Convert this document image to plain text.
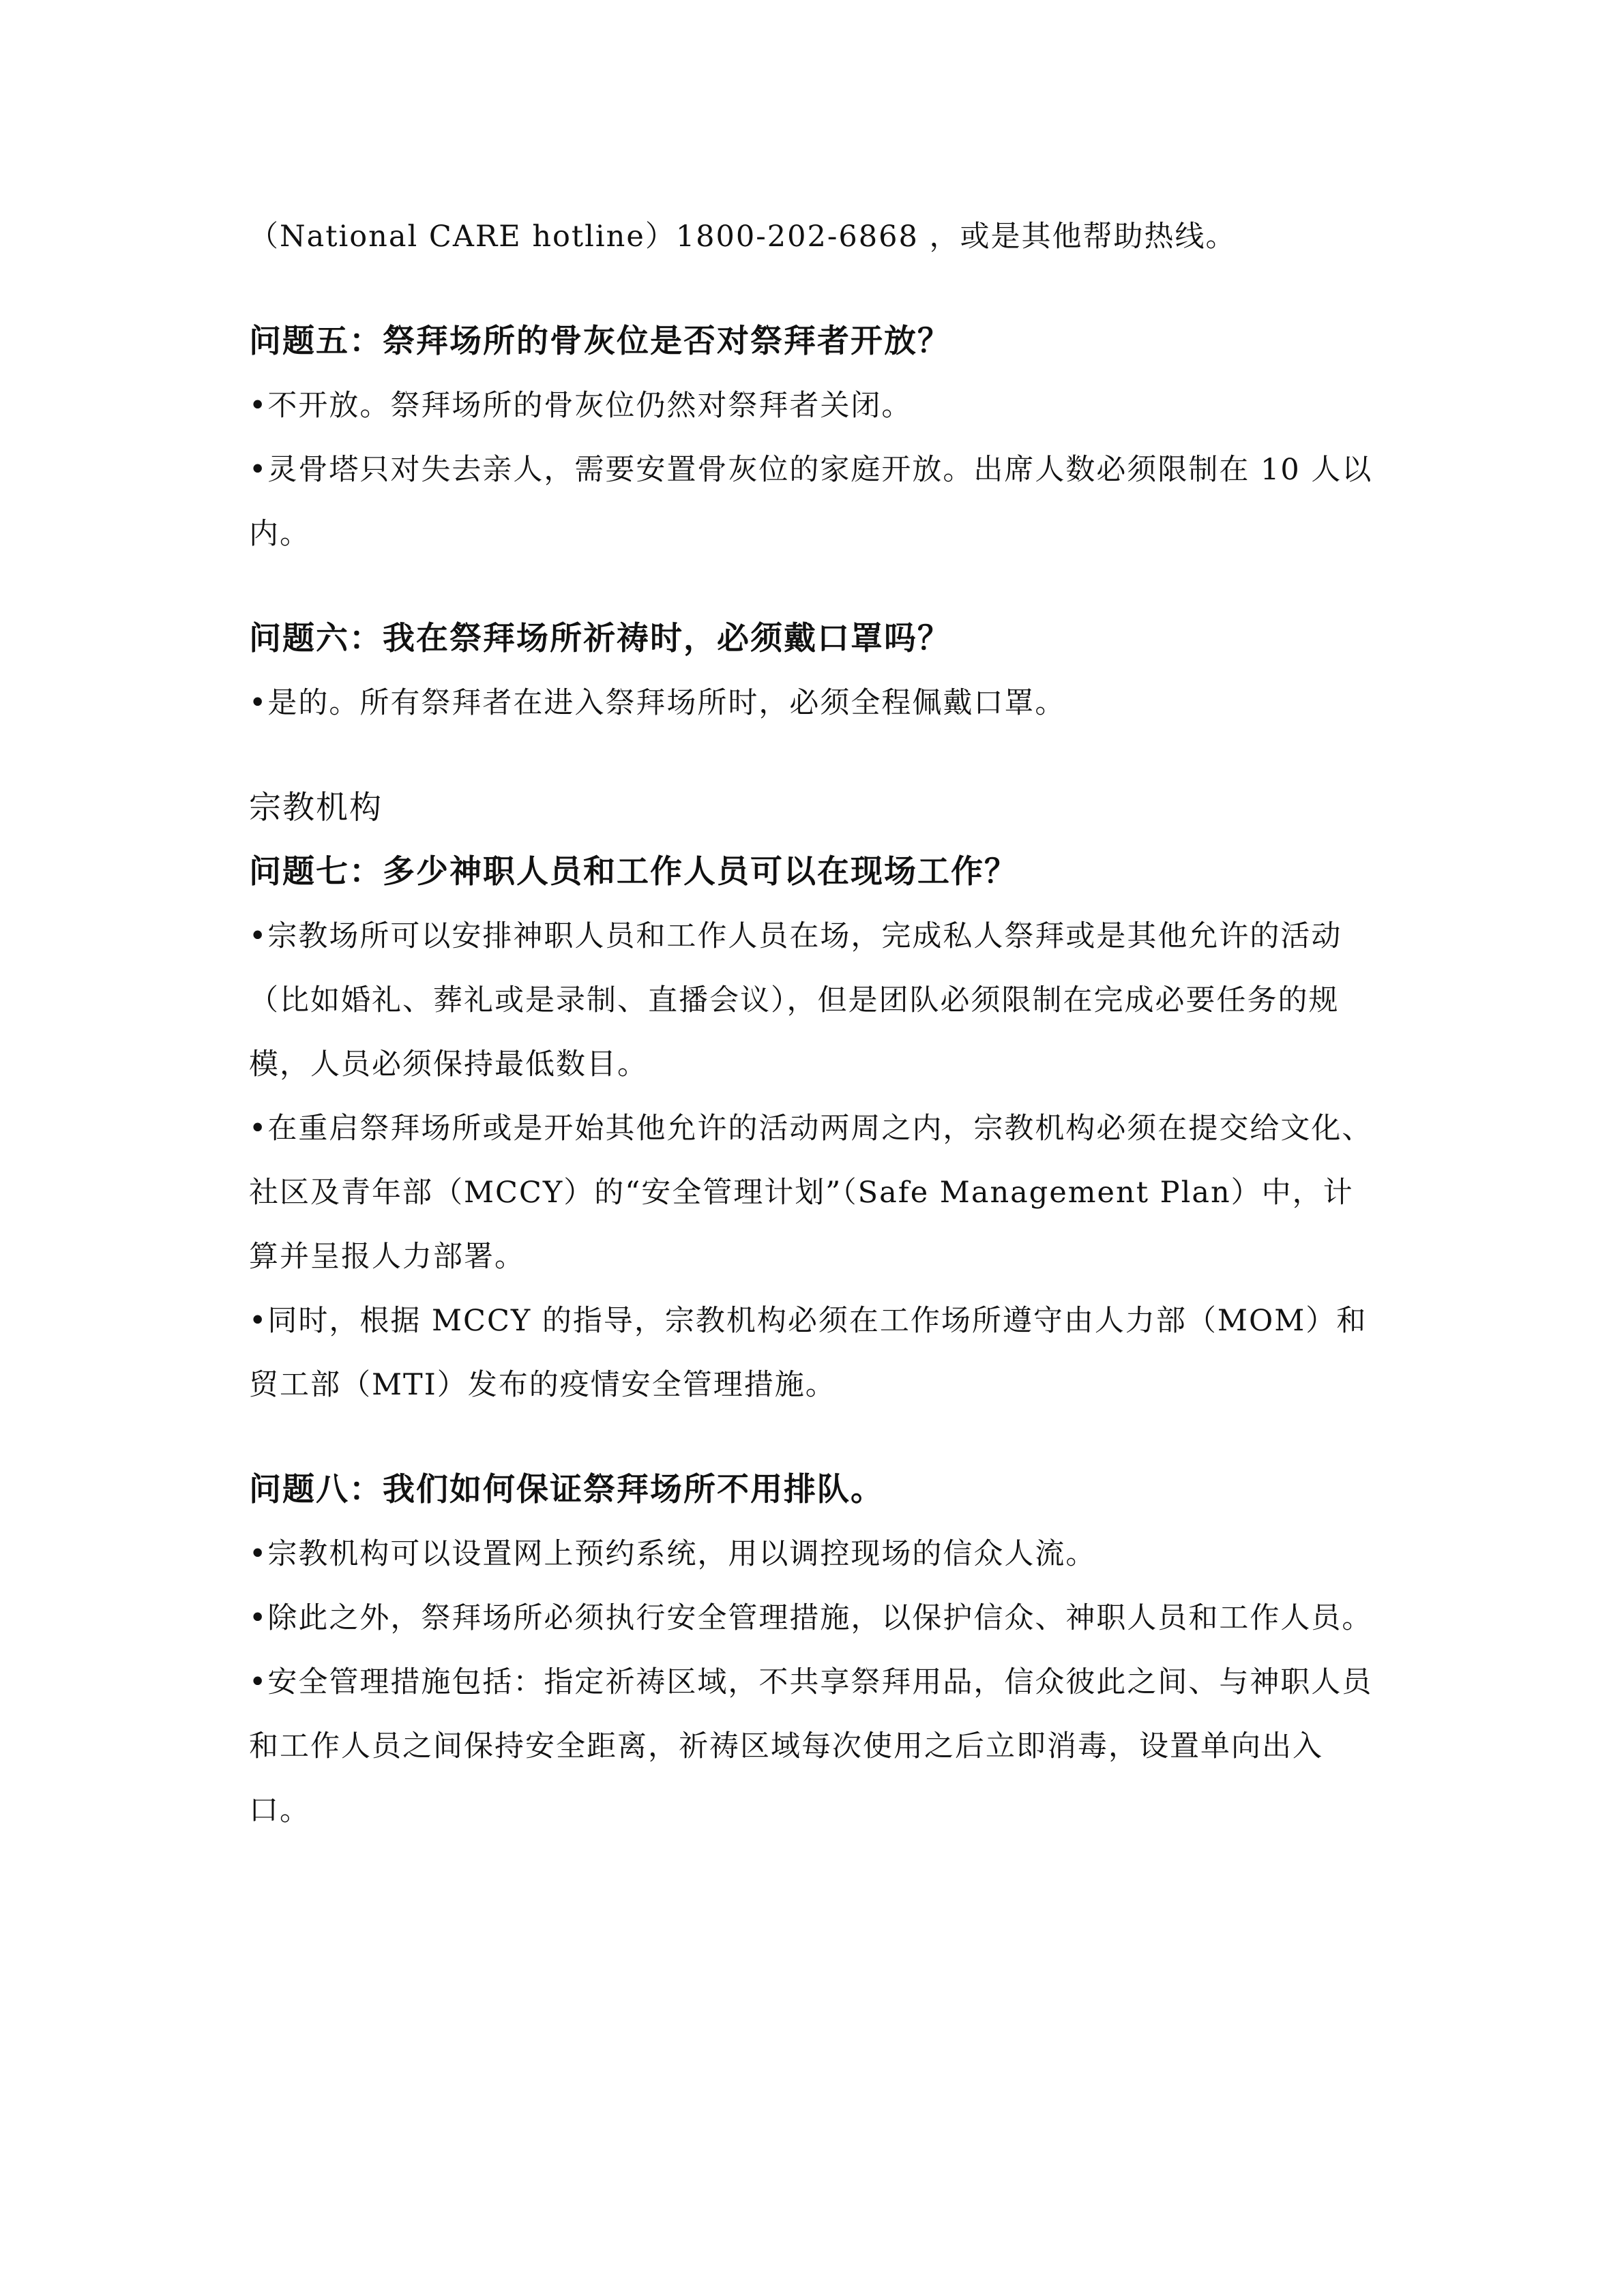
（National CARE hotline）1800-202-6868 ，或是其他帮助热线。

问题五：祭拜场所的骨灰位是否对祭拜者开放？

•不开放。祭拜场所的骨灰位仍然对祭拜者关闭。

•灵骨塔只对失去亲人，需要安置骨灰位的家庭开放。出席人数必须限制在 10 人以内。

问题六：我在祭拜场所祈祷时，必须戴口罩吗？

•是的。所有祭拜者在进入祭拜场所时，必须全程佩戴口罩。

宗教机构
问题七：多少神职人员和工作人员可以在现场工作？

•宗教场所可以安排神职人员和工作人员在场，完成私人祭拜或是其他允许的活动（比如婚礼、葬礼或是录制、直播会议），但是团队必须限制在完成必要任务的规模，人员必须保持最低数目。

•在重启祭拜场所或是开始其他允许的活动两周之内，宗教机构必须在提交给文化、社区及青年部（MCCY）的“安全管理计划”（Safe Management Plan）中，计算并呈报人力部署。

•同时，根据 MCCY 的指导，宗教机构必须在工作场所遵守由人力部（MOM）和贸工部（MTI）发布的疫情安全管理措施。

问题八：我们如何保证祭拜场所不用排队。

•宗教机构可以设置网上预约系统，用以调控现场的信众人流。

•除此之外，祭拜场所必须执行安全管理措施，以保护信众、神职人员和工作人员。

•安全管理措施包括：指定祈祷区域，不共享祭拜用品，信众彼此之间、与神职人员和工作人员之间保持安全距离，祈祷区域每次使用之后立即消毒，设置单向出入口。
